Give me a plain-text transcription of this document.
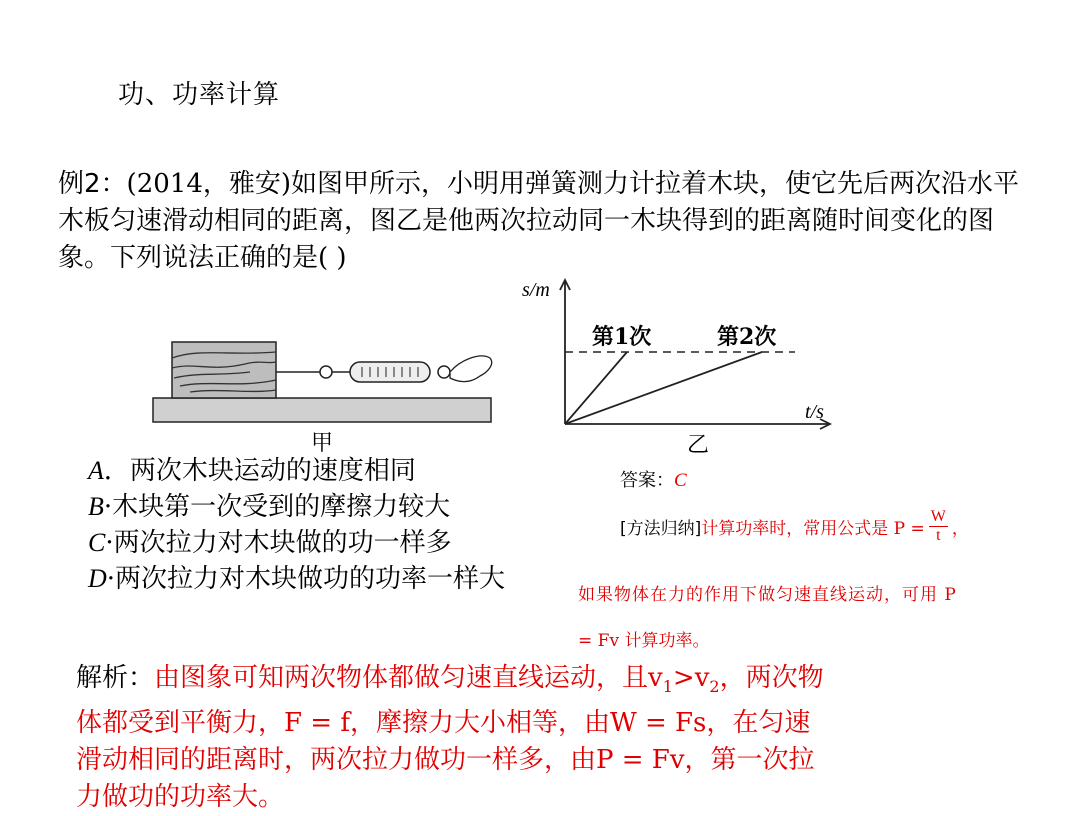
功、功率计算
例2：(2014，雅安)如图甲所示，小明用弹簧测力计拉着木块，使它先后两次沿水平木板匀速滑动相同的距离，图乙是他两次拉动同一木块得到的距离随时间变化的图象。下列说法正确的是( )
甲
s/m
t/s
第1次	第2次
乙
A．两次木块运动的速度相同
B·木块第一次受到的摩擦力较大
C·两次拉力对木块做的功一样多
D·两次拉力对木块做功的功率一样大
答案：C
[方法归纳] 计算功率时，常用公式是 $P = \frac{W}{t}$ ，
如果物体在力的作用下做匀速直线运动，可用 P
= Fv 计算功率。
解析：由图象可知两次物体都做匀速直线运动，且$v_1>v_2$，两次物体都受到平衡力，F = f，摩擦力大小相等，由W = Fs，在匀速滑动相同的距离时，两次拉力做功一样多，由P = Fv，第一次拉力做功的功率大。
